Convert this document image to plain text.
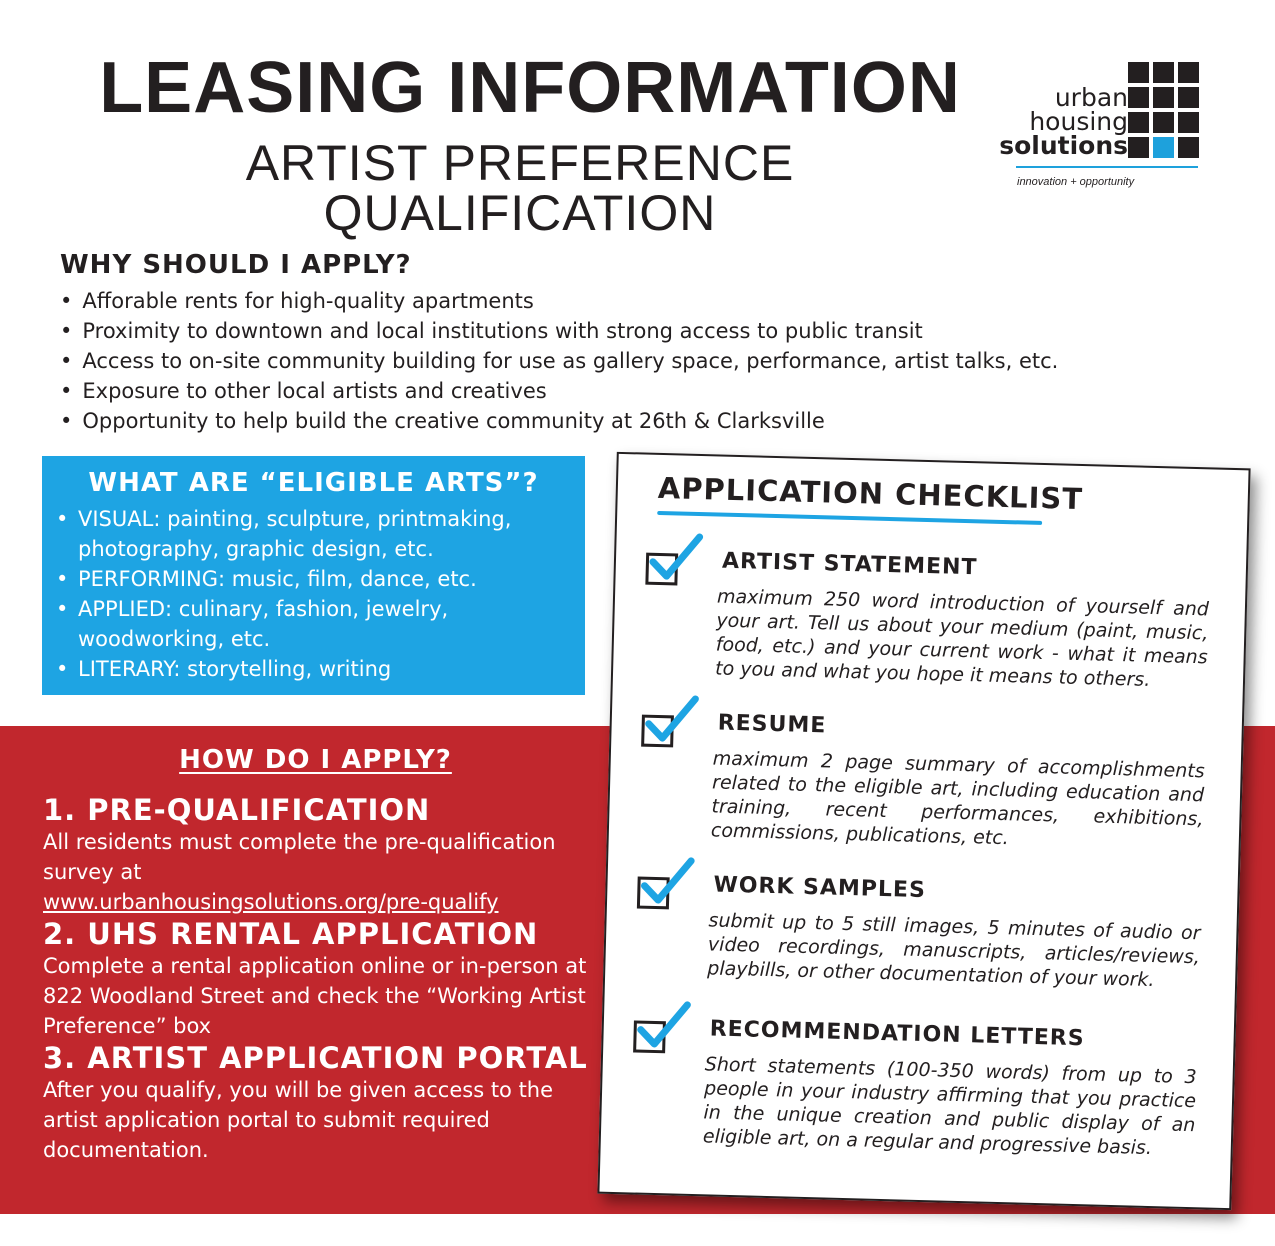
LEASING INFORMATION
ARTIST PREFERENCE QUALIFICATION
urban
housing
solutions
innovation + opportunity
WHY SHOULD I APPLY?
• Afforable rents for high-quality apartments
• Proximity to downtown and local institutions with strong access to public transit
• Access to on-site community building for use as gallery space, performance, artist talks, etc.
• Exposure to other local artists and creatives
• Opportunity to help build the creative community at 26th & Clarksville
WHAT ARE “ELIGIBLE ARTS”?
• VISUAL: painting, sculpture, printmaking, photography, graphic design, etc.
• PERFORMING: music, film, dance, etc.
• APPLIED: culinary, fashion, jewelry, woodworking, etc.
• LITERARY: storytelling, writing
HOW DO I APPLY?
1. PRE-QUALIFICATION
All residents must complete the pre-qualification survey at
www.urbanhousingsolutions.org/pre-qualify
2. UHS RENTAL APPLICATION
Complete a rental application online or in-person at 822 Woodland Street and check the “Working Artist Preference” box
3. ARTIST APPLICATION PORTAL
After you qualify, you will be given access to the artist application portal to submit required documentation.
APPLICATION CHECKLIST
ARTIST STATEMENT
maximum 250 word introduction of yourself and your art. Tell us about your medium (paint, music, food, etc.) and your current work - what it means to you and what you hope it means to others.
RESUME
maximum 2 page summary of accomplishments related to the eligible art, including education and training, recent performances, exhibitions, commissions, publications, etc.
WORK SAMPLES
submit up to 5 still images, 5 minutes of audio or video recordings, manuscripts, articles/reviews, playbills, or other documentation of your work.
RECOMMENDATION LETTERS
Short statements (100-350 words) from up to 3 people in your industry affirming that you practice in the unique creation and public display of an eligible art, on a regular and progressive basis.
